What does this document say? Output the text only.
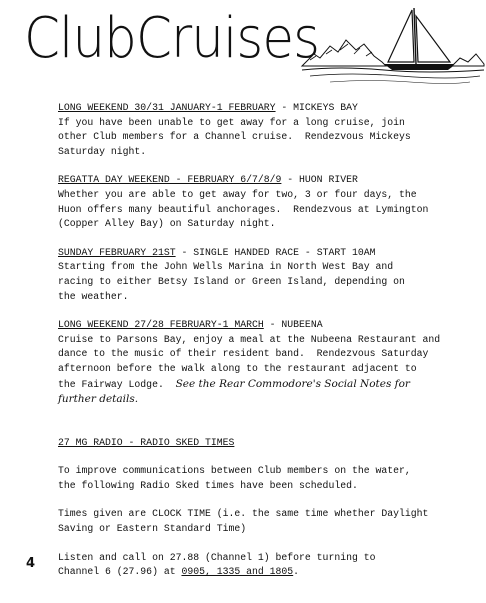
ClubCruises
LONG WEEKEND 30/31 JANUARY-1 FEBRUARY - MICKEYS BAY
If you have been unable to get away for a long cruise, join
other Club members for a Channel cruise.  Rendezvous Mickeys
Saturday night.
REGATTA DAY WEEKEND - FEBRUARY 6/7/8/9 - HUON RIVER
Whether you are able to get away for two, 3 or four days, the
Huon offers many beautiful anchorages.  Rendezvous at Lymington
(Copper Alley Bay) on Saturday night.
SUNDAY FEBRUARY 21ST - SINGLE HANDED RACE - START 10AM
Starting from the John Wells Marina in North West Bay and
racing to either Betsy Island or Green Island, depending on
the weather.
LONG WEEKEND 27/28 FEBRUARY-1 MARCH - NUBEENA
Cruise to Parsons Bay, enjoy a meal at the Nubeena Restaurant and
dance to the music of their resident band.  Rendezvous Saturday
afternoon before the walk along to the restaurant adjacent to
the Fairway Lodge.  See the Rear Commodore's Social Notes for
further details.
27 MG RADIO - RADIO SKED TIMES
To improve communications between Club members on the water,
the following Radio Sked times have been scheduled.
Times given are CLOCK TIME (i.e. the same time whether Daylight
Saving or Eastern Standard Time)
Listen and call on 27.88 (Channel 1) before turning to
Channel 6 (27.96) at 0905, 1335 and 1805.
4
